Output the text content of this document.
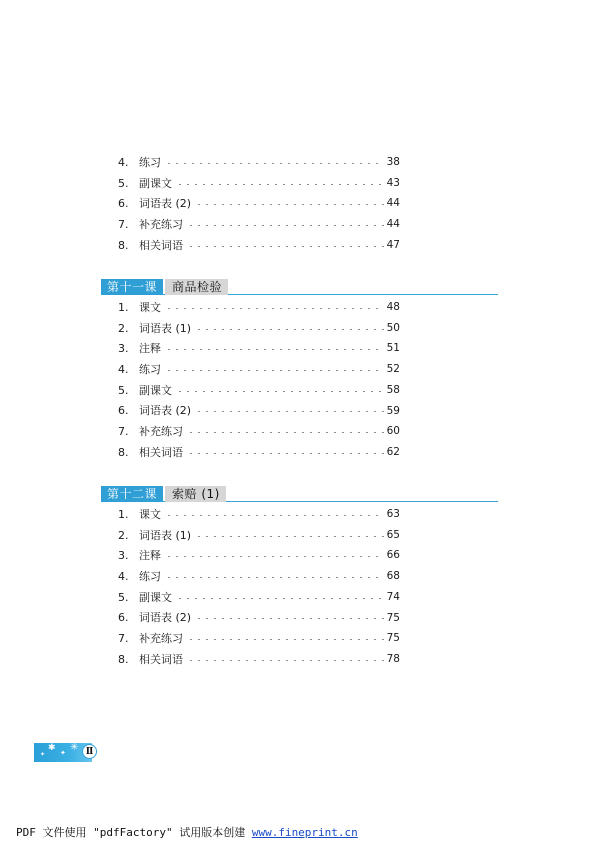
4. 练习	38
5. 副课文	43
6. 词语表 (2)	44
7. 补充练习	44
8. 相关词语	47
第十一课	商品检验
1. 课文	48
2. 词语表 (1)	50
3. 注释	51
4. 练习	52
5. 副课文	58
6. 词语表 (2)	59
7. 补充练习	60
8. 相关词语	62
第十二课	索赔 (1)
1. 课文	63
2. 词语表 (1)	65
3. 注释	66
4. 练习	68
5. 副课文	74
6. 词语表 (2)	75
7. 补充练习	75
8. 相关词语	78
✱ ✦ ✳
✦	Ⅱ
PDF 文件使用 "pdfFactory" 试用版本创建 www.fineprint.cn
